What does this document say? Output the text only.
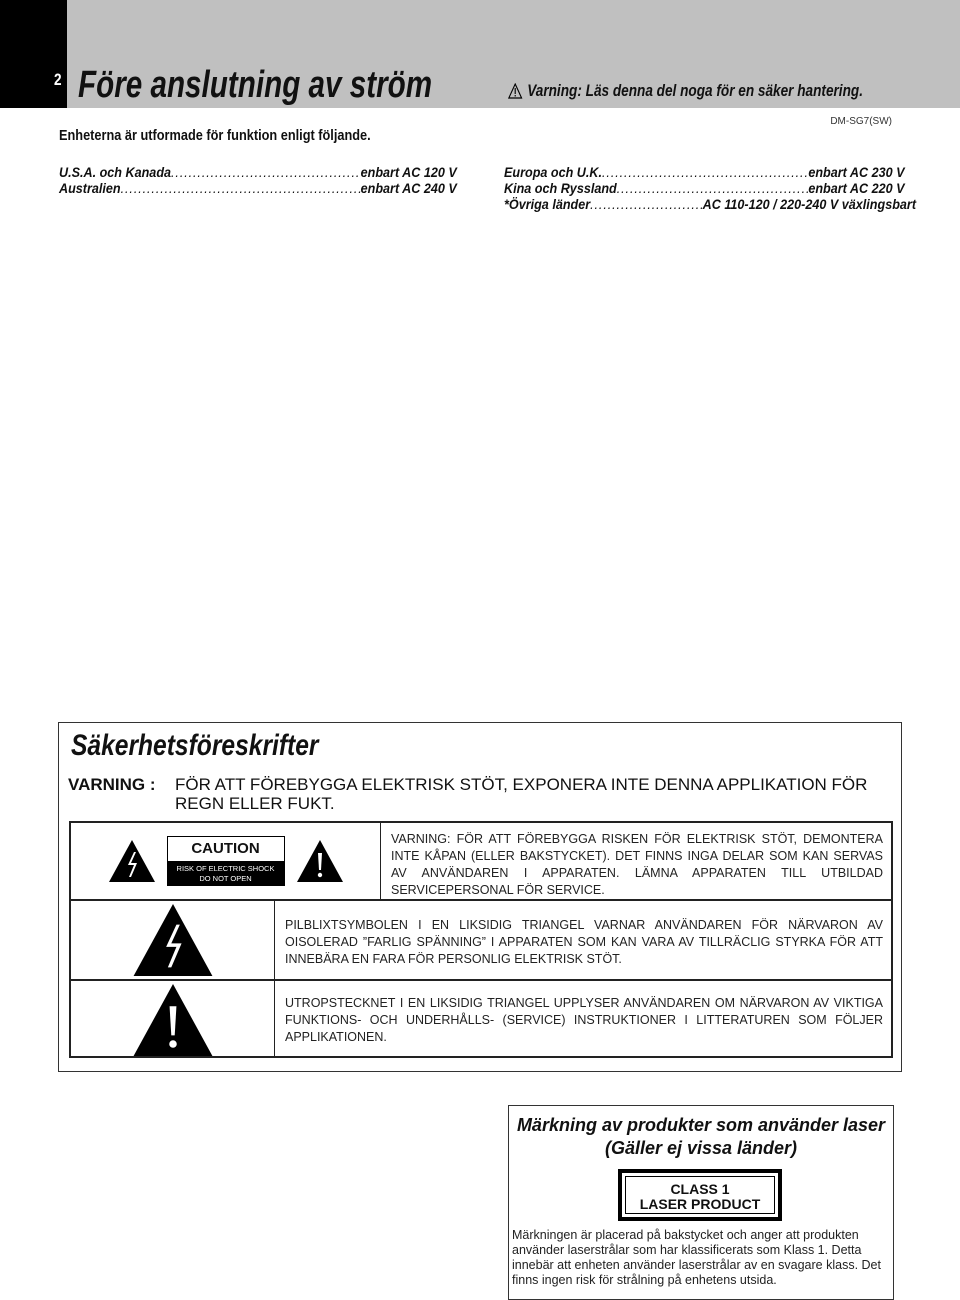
2 Före anslutning av ström	Varning: Läs denna del noga för en säker hantering.
DM-SG7(SW)
Enheterna är utformade för funktion enligt följande.
U.S.A. och Kanada .....	enbart AC 120 V
Australien .....	enbart AC 240 V
Europa och U.K. .....	enbart AC 230 V
Kina och Ryssland .....	enbart AC 220 V
*Övriga länder .....	AC 110-120 / 220-240 V växlingsbart
Säkerhetsföreskrifter
VARNING : FÖR ATT FÖREBYGGA ELEKTRISK STÖT, EXPONERA INTE DENNA APPLIKATION FÖR REGN ELLER FUKT.
CAUTION
RISK OF ELECTRIC SHOCK
DO NOT OPEN
VARNING: FÖR ATT FÖREBYGGA RISKEN FÖR ELEKTRISK STÖT, DEMONTERA INTE KÅPAN (ELLER BAKSTYCKET). DET FINNS INGA DELAR SOM KAN SERVAS AV ANVÄNDAREN I APPARATEN. LÄMNA APPARATEN TILL UTBILDAD SERVICEPERSONAL FÖR SERVICE.
PILBLIXTSYMBOLEN I EN LIKSIDIG TRIANGEL VARNAR ANVÄNDAREN FÖR NÄRVARON AV OISOLERAD ”FARLIG SPÄNNING” I APPARATEN SOM KAN VARA AV TILLRÄCLIG STYRKA FÖR ATT INNEBÄRA EN FARA FÖR PERSONLIG ELEKTRISK STÖT.
UTROPSTECKNET I EN LIKSIDIG TRIANGEL UPPLYSER ANVÄNDAREN OM NÄRVARON AV VIKTIGA FUNKTIONS- OCH UNDERHÅLLS- (SERVICE) INSTRUKTIONER I LITTERATUREN SOM FÖLJER APPLIKATIONEN.
Märkning av produkter som använder laser
(Gäller ej vissa länder)
CLASS 1
LASER PRODUCT
Märkningen är placerad på bakstycket och anger att produkten använder laserstrålar som har klassificerats som Klass 1. Detta innebär att enheten använder laserstrålar av en svagare klass. Det finns ingen risk för strålning på enhetens utsida.
